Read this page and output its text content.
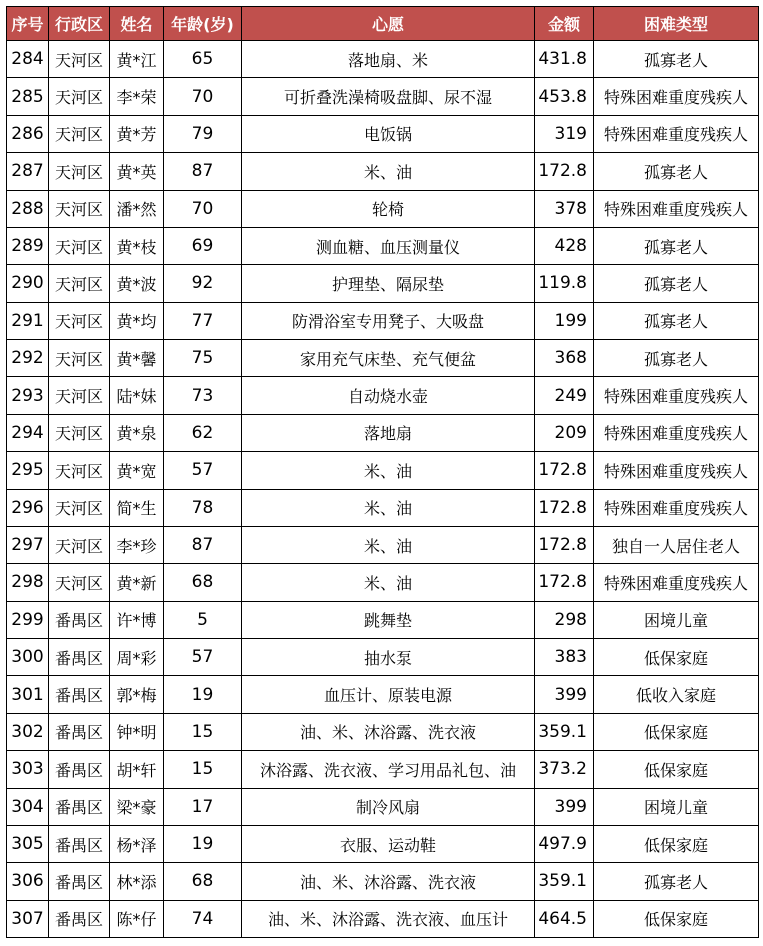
序号	行政区	姓名	年龄(岁)	心愿	金额	困难类型
284	天河区	黄*江	65	落地扇、米	431.8	孤寡老人
285	天河区	李*荣	70	可折叠洗澡椅吸盘脚、尿不湿	453.8	特殊困难重度残疾人
286	天河区	黄*芳	79	电饭锅	319	特殊困难重度残疾人
287	天河区	黄*英	87	米、油	172.8	孤寡老人
288	天河区	潘*然	70	轮椅	378	特殊困难重度残疾人
289	天河区	黄*枝	69	测血糖、血压测量仪	428	孤寡老人
290	天河区	黄*波	92	护理垫、隔尿垫	119.8	孤寡老人
291	天河区	黄*均	77	防滑浴室专用凳子、大吸盘	199	孤寡老人
292	天河区	黄*馨	75	家用充气床垫、充气便盆	368	孤寡老人
293	天河区	陆*妹	73	自动烧水壶	249	特殊困难重度残疾人
294	天河区	黄*泉	62	落地扇	209	特殊困难重度残疾人
295	天河区	黄*宽	57	米、油	172.8	特殊困难重度残疾人
296	天河区	简*生	78	米、油	172.8	特殊困难重度残疾人
297	天河区	李*珍	87	米、油	172.8	独自一人居住老人
298	天河区	黄*新	68	米、油	172.8	特殊困难重度残疾人
299	番禺区	许*博	5	跳舞垫	298	困境儿童
300	番禺区	周*彩	57	抽水泵	383	低保家庭
301	番禺区	郭*梅	19	血压计、原装电源	399	低收入家庭
302	番禺区	钟*明	15	油、米、沐浴露、洗衣液	359.1	低保家庭
303	番禺区	胡*轩	15	沐浴露、洗衣液、学习用品礼包、油	373.2	低保家庭
304	番禺区	梁*豪	17	制冷风扇	399	困境儿童
305	番禺区	杨*泽	19	衣服、运动鞋	497.9	低保家庭
306	番禺区	林*添	68	油、米、沐浴露、洗衣液	359.1	孤寡老人
307	番禺区	陈*仔	74	油、米、沐浴露、洗衣液、血压计	464.5	低保家庭
